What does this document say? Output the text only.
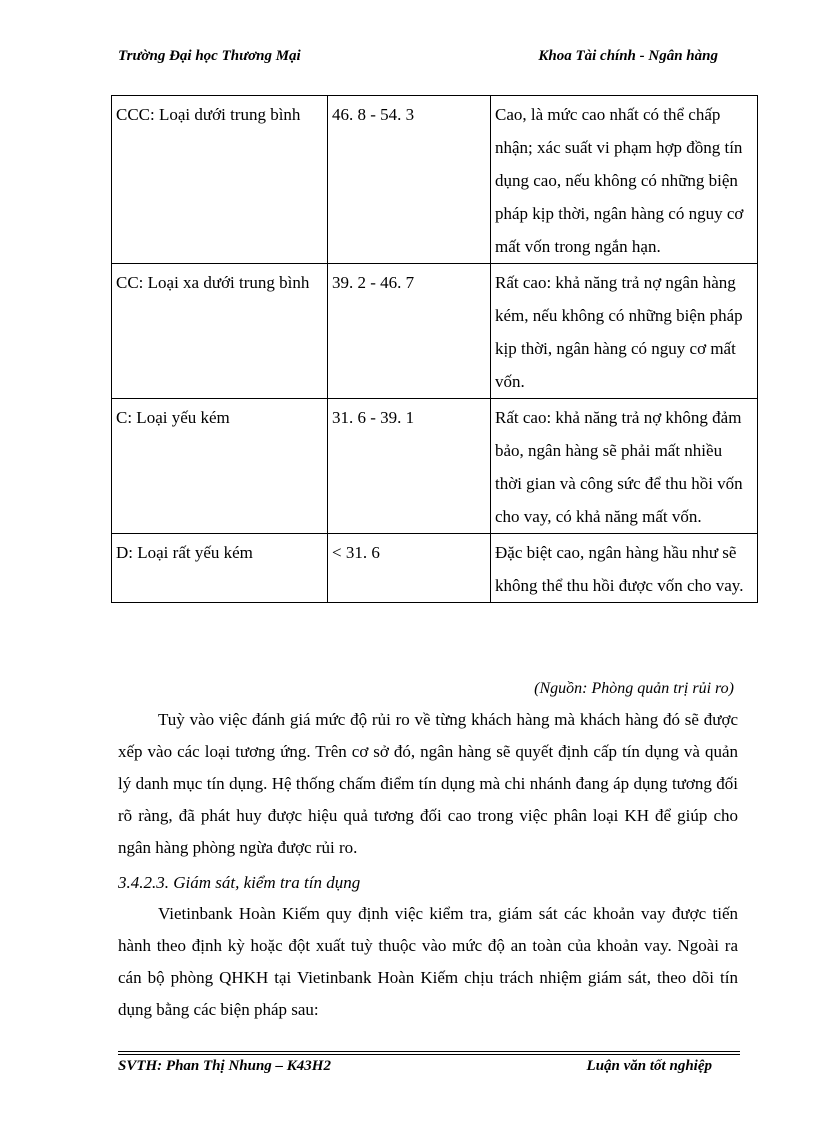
Trường Đại học Thương Mại	Khoa Tài chính - Ngân hàng
CCC: Loại dưới trung bình	46. 8 - 54. 3	Cao, là mức cao nhất có thể chấp nhận; xác suất vi phạm hợp đồng tín dụng cao, nếu không có những biện pháp kịp thời, ngân hàng có nguy cơ mất vốn trong ngắn hạn.
CC: Loại xa dưới trung bình	39. 2 - 46. 7	Rất cao: khả năng trả nợ ngân hàng kém, nếu không có những biện pháp kịp thời, ngân hàng có nguy cơ mất vốn.
C: Loại yếu kém	31. 6 - 39. 1	Rất cao: khả năng trả nợ không đảm bảo, ngân hàng sẽ phải mất nhiều thời gian và công sức để thu hồi vốn cho vay, có khả năng mất vốn.
D: Loại rất yếu kém	< 31. 6	Đặc biệt cao, ngân hàng hầu như sẽ không thể thu hồi được vốn cho vay.
(Nguồn: Phòng quản trị rủi ro)

Tuỳ vào việc đánh giá mức độ rủi ro về từng khách hàng mà khách hàng đó sẽ được xếp vào các loại tương ứng. Trên cơ sở đó, ngân hàng sẽ quyết định cấp tín dụng và quản lý danh mục tín dụng. Hệ thống chấm điểm tín dụng mà chi nhánh đang áp dụng tương đối rõ ràng, đã phát huy được hiệu quả tương đối cao trong việc phân loại KH để giúp cho ngân hàng phòng ngừa được rủi ro.

3.4.2.3. Giám sát, kiểm tra tín dụng

Vietinbank Hoàn Kiếm quy định việc kiểm tra, giám sát các khoản vay được tiến hành theo định kỳ hoặc đột xuất tuỳ thuộc vào mức độ an toàn của khoản vay. Ngoài ra cán bộ phòng QHKH tại Vietinbank Hoàn Kiếm chịu trách nhiệm giám sát, theo dõi tín dụng bằng các biện pháp sau:

SVTH: Phan Thị Nhung – K43H2	Luận văn tốt nghiệp
